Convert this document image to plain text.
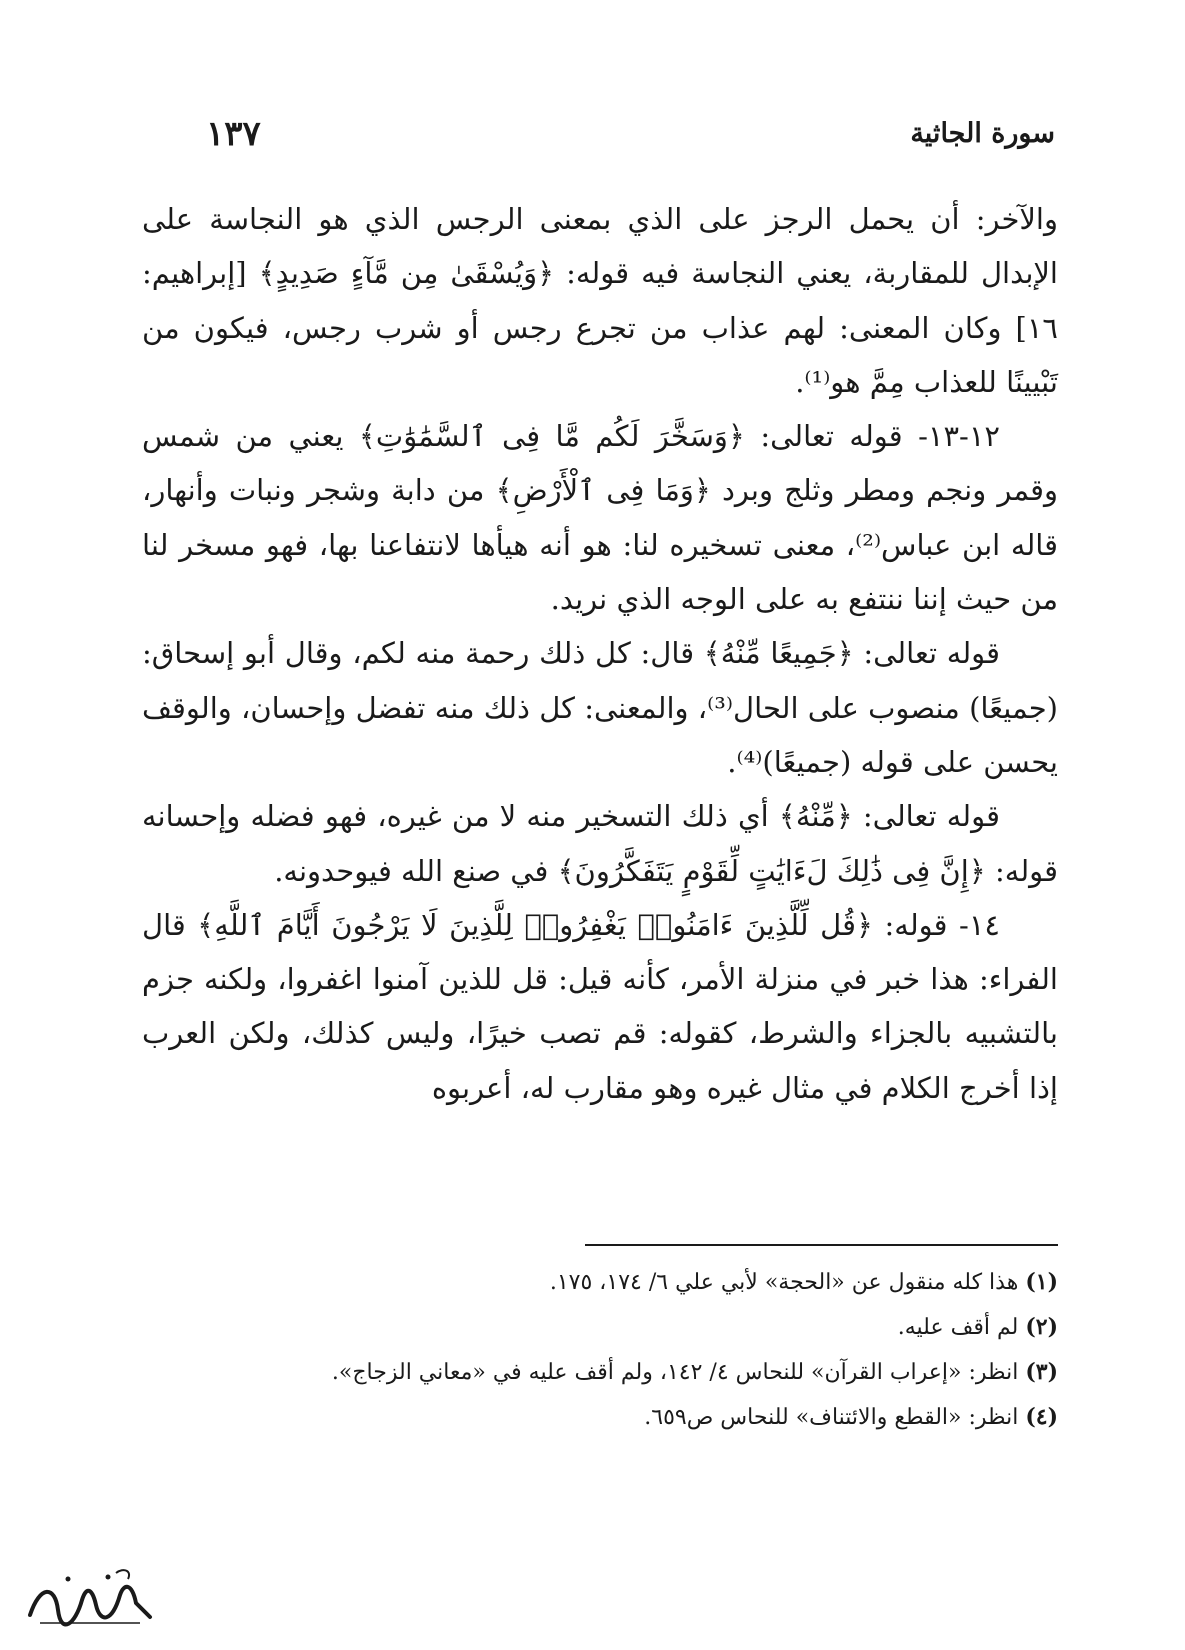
سورة الجاثية
١٣٧

والآخر: أن يحمل الرجز على الذي بمعنى الرجس الذي هو النجاسة على الإبدال للمقاربة، يعني النجاسة فيه قوله: ﴿وَيُسْقَىٰ مِن مَّآءٍ صَدِيدٍ﴾ [إبراهيم: ١٦] وكان المعنى: لهم عذاب من تجرع رجس أو شرب رجس، فيكون من تَبْيينًا للعذاب مِمَّ هو⁽¹⁾.

١٢-١٣- قوله تعالى: ﴿وَسَخَّرَ لَكُم مَّا فِى ٱلسَّمَٰوَٰتِ﴾ يعني من شمس وقمر ونجم ومطر وثلج وبرد ﴿وَمَا فِى ٱلْأَرْضِ﴾ من دابة وشجر ونبات وأنهار، قاله ابن عباس⁽²⁾، معنى تسخيره لنا: هو أنه هيأها لانتفاعنا بها، فهو مسخر لنا من حيث إننا ننتفع به على الوجه الذي نريد.

قوله تعالى: ﴿جَمِيعًا مِّنْهُ﴾ قال: كل ذلك رحمة منه لكم، وقال أبو إسحاق: (جميعًا) منصوب على الحال⁽³⁾، والمعنى: كل ذلك منه تفضل وإحسان، والوقف يحسن على قوله (جميعًا)⁽⁴⁾.

قوله تعالى: ﴿مِّنْهُ﴾ أي ذلك التسخير منه لا من غيره، فهو فضله وإحسانه قوله: ﴿إِنَّ فِى ذَٰلِكَ لَءَايَٰتٍ لِّقَوْمٍ يَتَفَكَّرُونَ﴾ في صنع الله فيوحدونه.

١٤- قوله: ﴿قُل لِّلَّذِينَ ءَامَنُوا۟ يَغْفِرُوا۟ لِلَّذِينَ لَا يَرْجُونَ أَيَّامَ ٱللَّهِ﴾ قال الفراء: هذا خبر في منزلة الأمر، كأنه قيل: قل للذين آمنوا اغفروا، ولكنه جزم بالتشبيه بالجزاء والشرط، كقوله: قم تصب خيرًا، وليس كذلك، ولكن العرب إذا أخرج الكلام في مثال غيره وهو مقارب له، أعربوه

(١) هذا كله منقول عن «الحجة» لأبي علي ٦/ ١٧٤، ١٧٥.

(٢) لم أقف عليه.

(٣) انظر: «إعراب القرآن» للنحاس ٤/ ١٤٢، ولم أقف عليه في «معاني الزجاج».

(٤) انظر: «القطع والائتناف» للنحاس ص٦٥٩.
